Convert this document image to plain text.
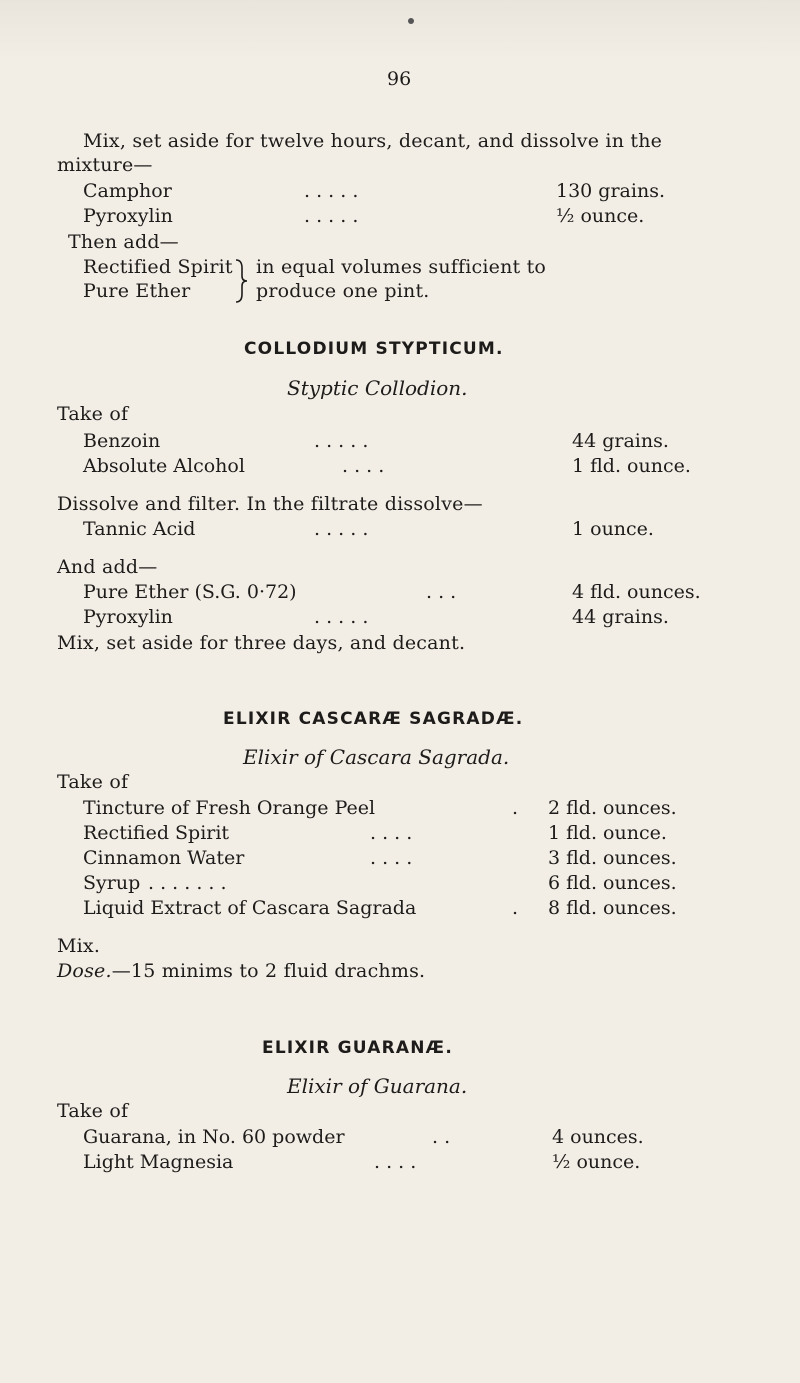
96
Mix, set aside for twelve hours, decant, and dissolve in the
mixture—
Camphor	. . . . .	130 grains.
Pyroxylin	. . . . .	½ ounce.
Then add—
Rectified Spirit
Pure Ether
in equal volumes sufficient to
produce one pint.
COLLODIUM STYPTICUM.
Styptic Collodion.
Take of
Benzoin	. . . . .	44 grains.
Absolute Alcohol	. . . .	1 fld. ounce.
Dissolve and filter. In the filtrate dissolve—
Tannic Acid	. . . . .	1 ounce.
And add—
Pure Ether (S.G. 0·72)	. . .	4 fld. ounces.
Pyroxylin	. . . . .	44 grains.
Mix, set aside for three days, and decant.
ELIXIR CASCARÆ SAGRADÆ.
Elixir of Cascara Sagrada.
Take of
Tincture of Fresh Orange Peel	. 2 fld. ounces.
Rectified Spirit	. . . .	1 fld. ounce.
Cinnamon Water	. . . .	3 fld. ounces.
Syrup . . . . . . .	6 fld. ounces.
Liquid Extract of Cascara Sagrada	. 8 fld. ounces.
Mix.
Dose.—15 minims to 2 fluid drachms.
ELIXIR GUARANÆ.
Elixir of Guarana.
Take of
Guarana, in No. 60 powder	. .	4 ounces.
Light Magnesia	. . . .	½ ounce.
